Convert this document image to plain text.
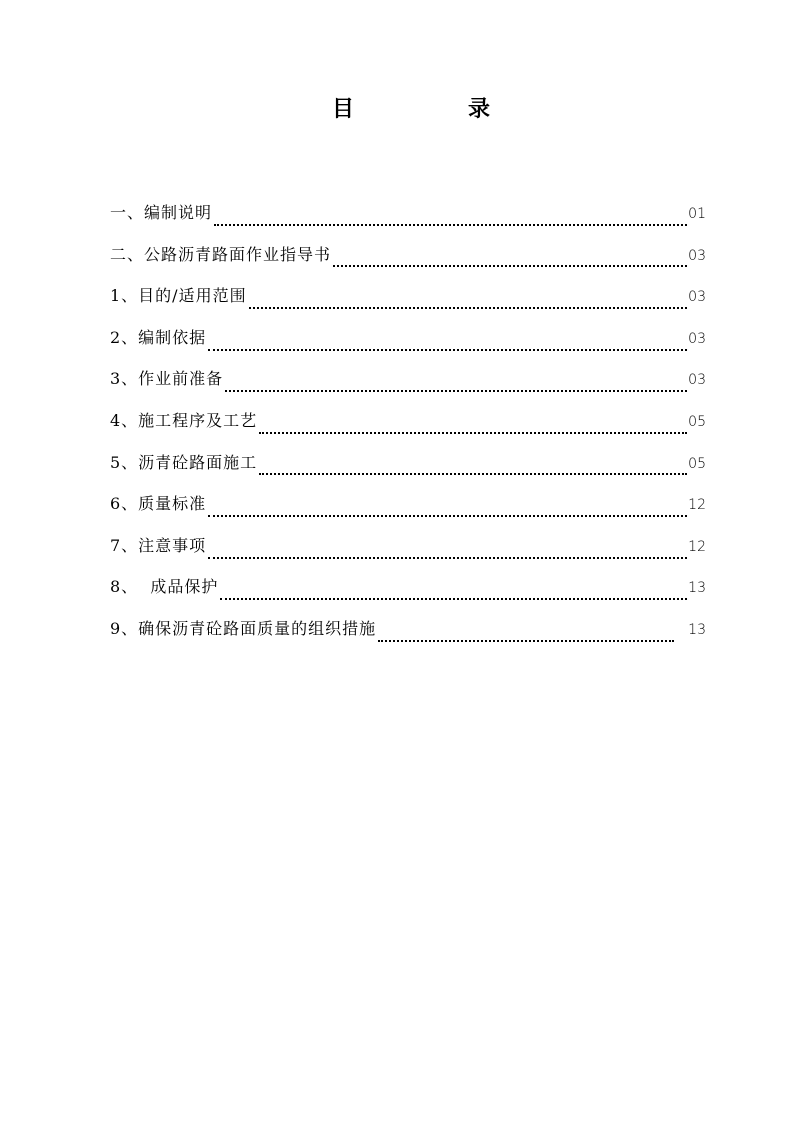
目　录
一、编制说明	01
二、公路沥青路面作业指导书	03
1、目的/适用范围	03
2、编制依据	03
3、作业前准备	03
4、施工程序及工艺	05
5、沥青砼路面施工	05
6、质量标准	12
7、注意事项	12
8、  成品保护	13
9、确保沥青砼路面质量的组织措施	13
